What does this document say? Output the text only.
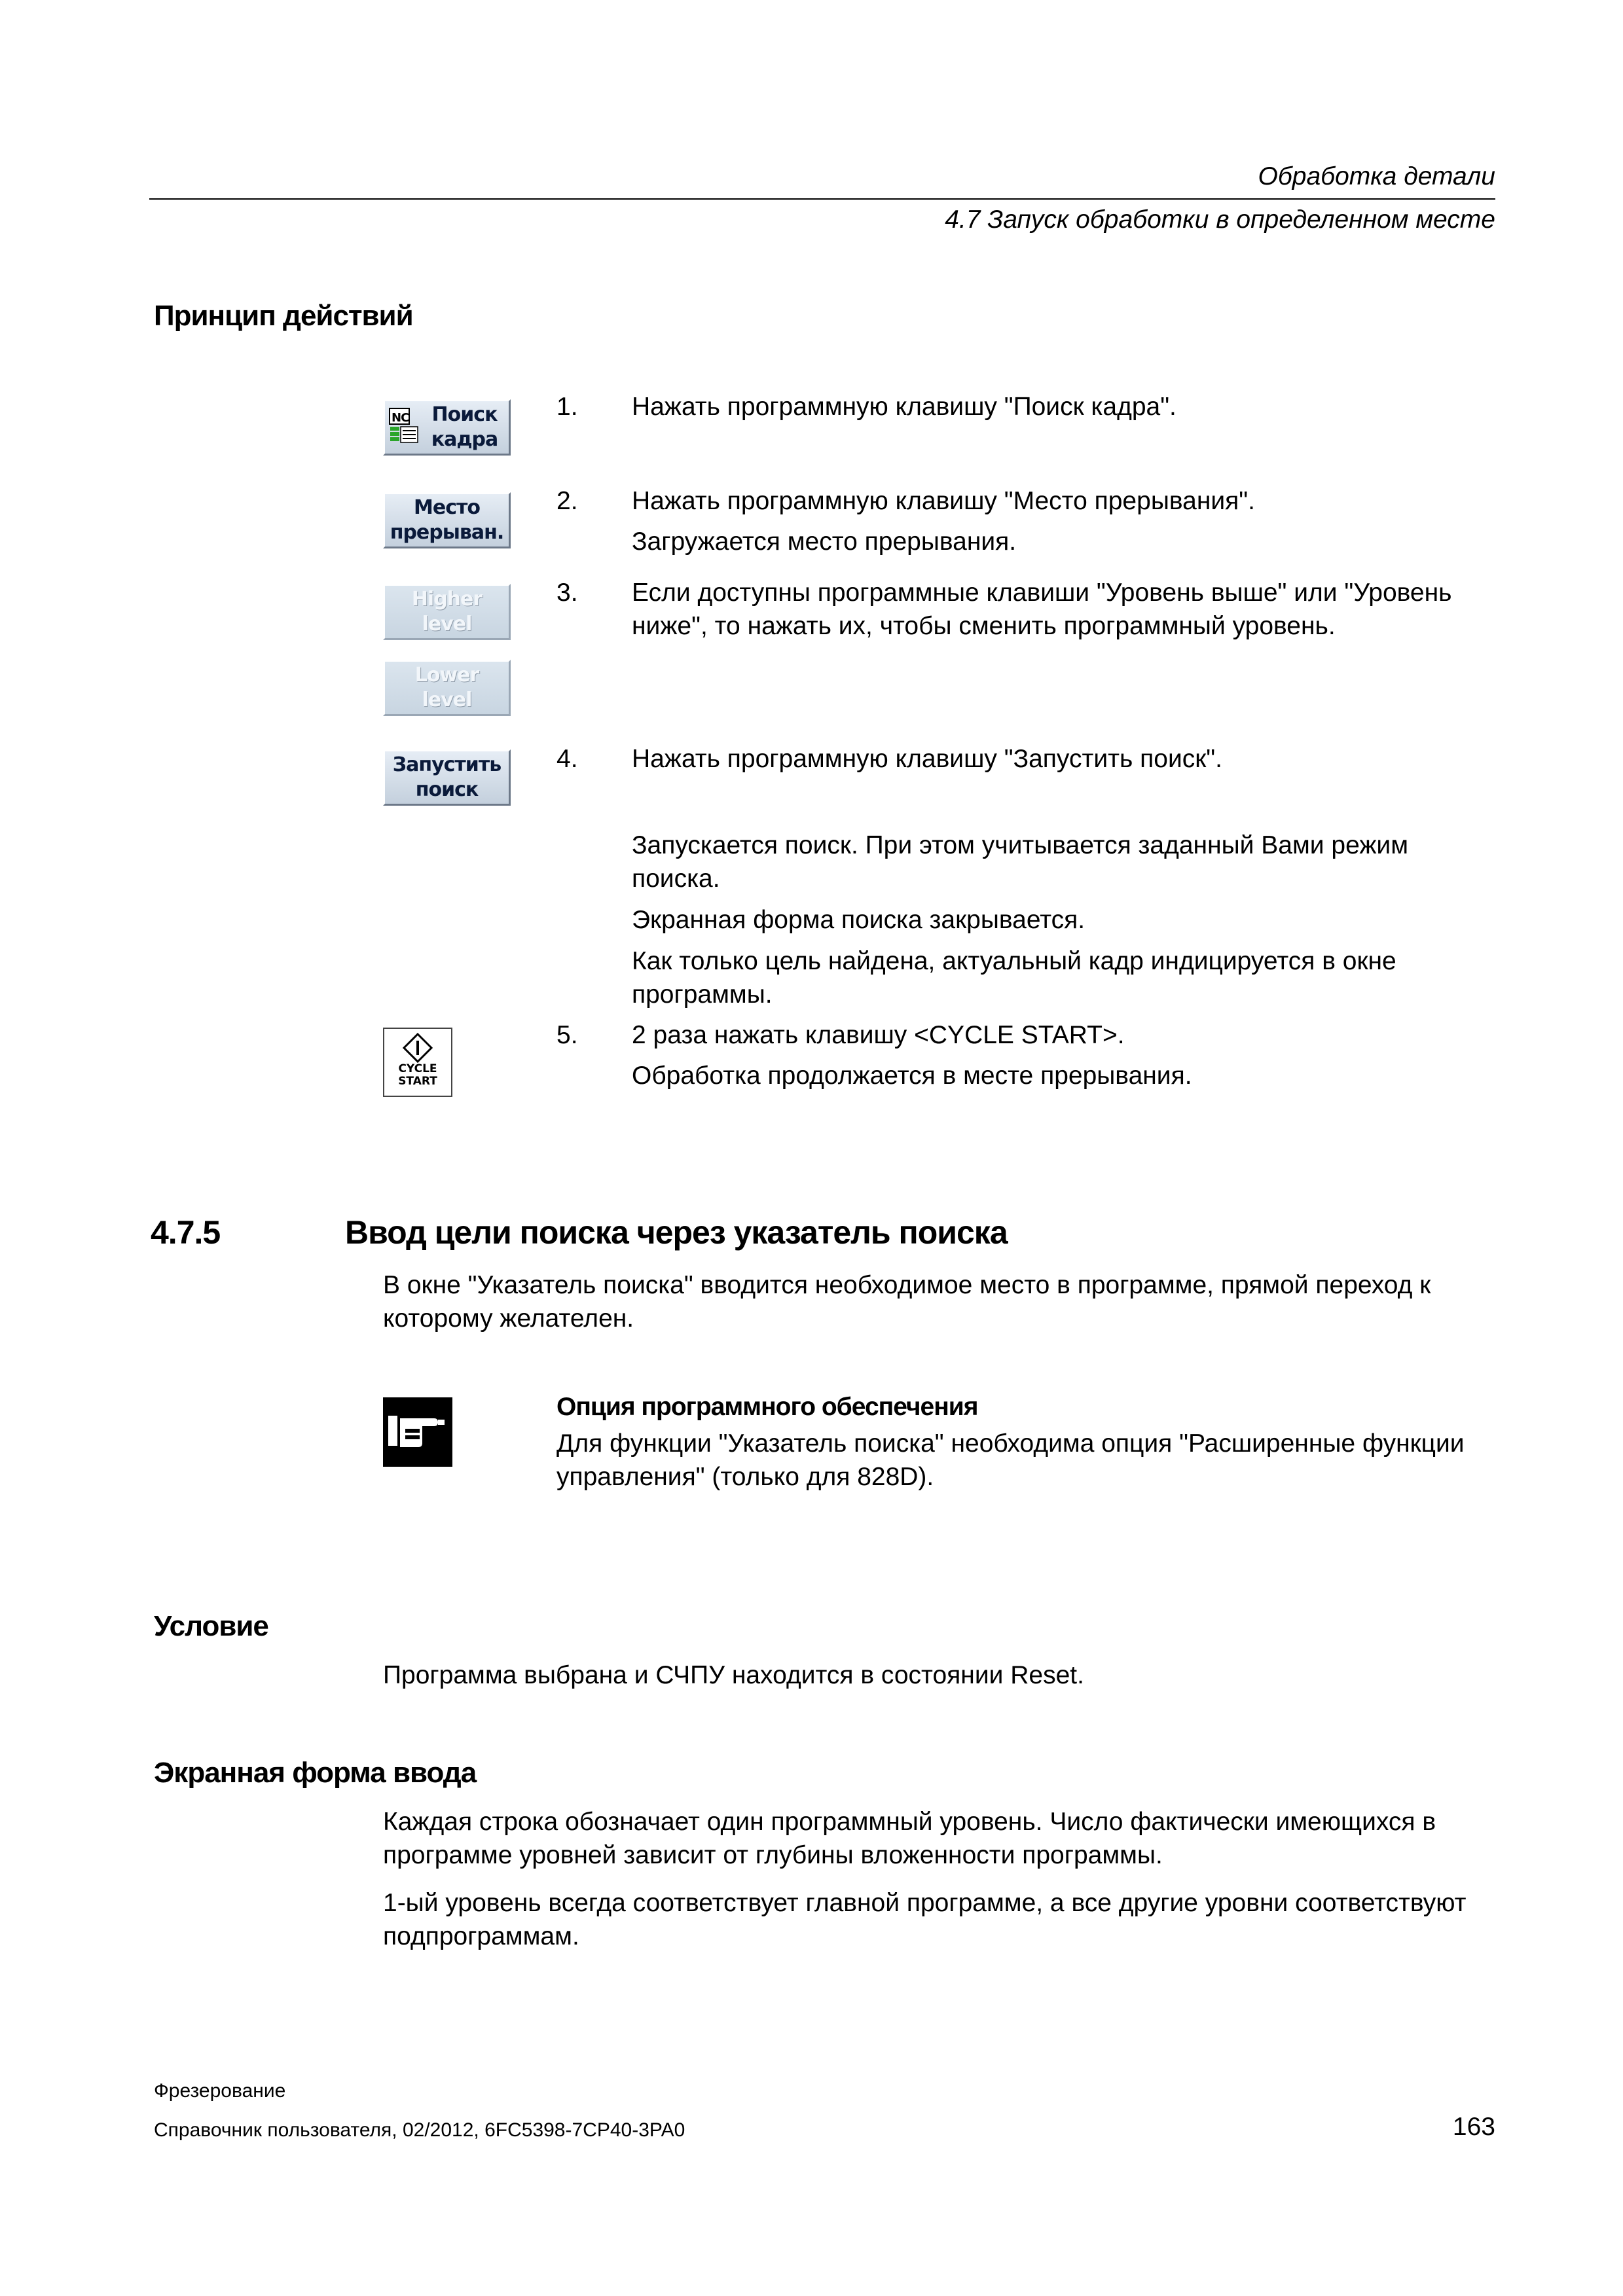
Обработка детали
4.7 Запуск обработки в определенном месте
Принцип действий
NC Поиск
кадра
Место
прерыван.
Higher
level
Lower
level
Запустить
поиск
CYCLE
START
1. Нажать программную клавишу "Поиск кадра".
2. Нажать программную клавишу "Место прерывания".
Загружается место прерывания.
3. Если доступны программные клавиши "Уровень выше" или "Уровень ниже", то нажать их, чтобы сменить программный уровень.
4. Нажать программную клавишу "Запустить поиск".
Запускается поиск. При этом учитывается заданный Вами режим поиска.
Экранная форма поиска закрывается.
Как только цель найдена, актуальный кадр индицируется в окне программы.
5. 2 раза нажать клавишу <CYCLE START>.
Обработка продолжается в месте прерывания.
4.7.5	Ввод цели поиска через указатель поиска
В окне "Указатель поиска" вводится необходимое место в программе, прямой переход к которому желателен.
Опция программного обеспечения
Для функции "Указатель поиска" необходима опция "Расширенные функции управления" (только для 828D).
Условие
Программа выбрана и СЧПУ находится в состоянии Reset.
Экранная форма ввода
Каждая строка обозначает один программный уровень. Число фактически имеющихся в программе уровней зависит от глубины вложенности программы.
1-ый уровень всегда соответствует главной программе, а все другие уровни соответствуют подпрограммам.
Фрезерование
Справочник пользователя, 02/2012, 6FC5398-7CP40-3PA0	163
